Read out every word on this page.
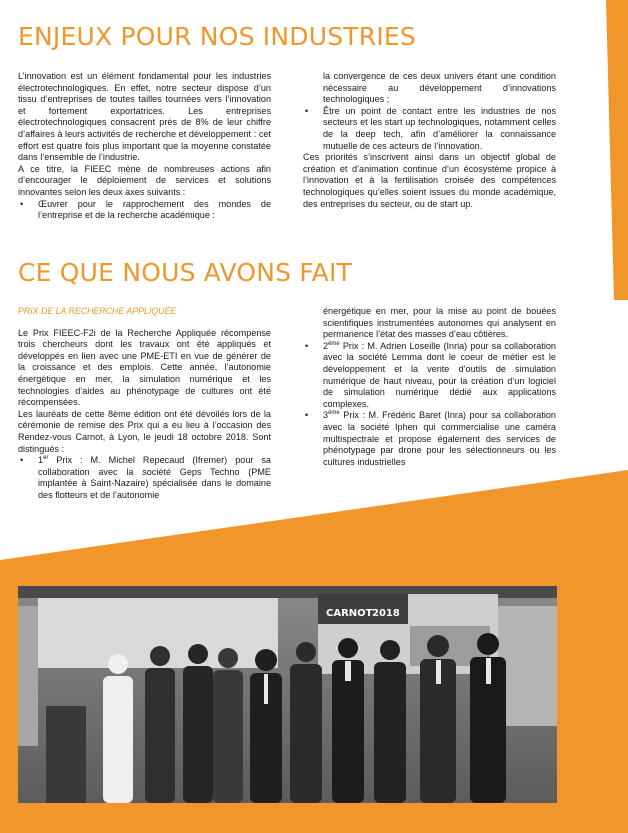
ENJEUX POUR NOS INDUSTRIES

L’innovation est un élément fondamental pour les industries électrotechnologiques. En effet, notre secteur dispose d’un tissu d’entreprises de toutes tailles tournées vers l’innovation et fortement exportatrices. Les entreprises électrotechnologiques consacrent près de 8% de leur chiffre d’affaires à leurs activités de recherche et développement : cet effort est quatre fois plus important que la moyenne constatée dans l’ensemble de l’industrie.

A ce titre, la FIEEC mène de nombreuses actions afin d’encourager le déploiement de services et solutions innovantes selon les deux axes suivants :

• Œuvrer pour le rapprochement des mondes de l’entreprise et de la recherche académique :

la convergence de ces deux univers étant une condition nécessaire au développement d’innovations technologiques ;

• Être un point de contact entre les industries de nos secteurs et les start up technologiques, notamment celles de la deep tech, afin d’améliorer la connaissance mutuelle de ces acteurs de l’innovation.

Ces priorités s’inscrivent ainsi dans un objectif global de création et d’animation continue d’un écosystème propice à l’innovation et à la fertilisation croisée des compétences technologiques qu’elles soient issues du monde académique, des entreprises du secteur, ou de start up.

CE QUE NOUS AVONS FAIT

PRIX DE LA RECHERCHE APPLIQUÉE

Le Prix FIEEC-F2i de la Recherche Appliquée récompense trois chercheurs dont les travaux ont été appliqués et développés en lien avec une PME-ETI en vue de générer de la croissance et des emplois. Cette année, l’autonomie énergétique en mer, la simulation numérique et les technologies d’aides au phénotypage de cultures ont été récompensées.

Les lauréats de cette 8ème édition ont été dévoilés lors de la cérémonie de remise des Prix qui a eu lieu à l’occasion des Rendez-vous Carnot, à Lyon, le jeudi 18 octobre 2018. Sont distingués :

• 1er Prix : M. Michel Repecaud (Ifremer) pour sa collaboration avec la société Geps Techno (PME implantée à Saint-Nazaire) spécialisée dans le domaine des flotteurs et de l’autonomie

énergétique en mer, pour la mise au point de bouées scientifiques instrumentées autonomes qui analysent en permanence l’état des masses d’eau côtières.

• 2ème Prix : M. Adrien Loseille (Inria) pour sa collaboration avec la société Lemma dont le coeur de métier est le développement et la vente d’outils de simulation numérique de haut niveau, pour la création d’un logiciel de simulation numérique dédié aux applications complexes.
• 3ème Prix : M. Frédéric Baret (Inra) pour sa collaboration avec la société Iphen qui commercialise une caméra multispectrale et propose également des services de phénotypage par drone pour les sélectionneurs ou les cultures industrielles
CARNOT 2018
